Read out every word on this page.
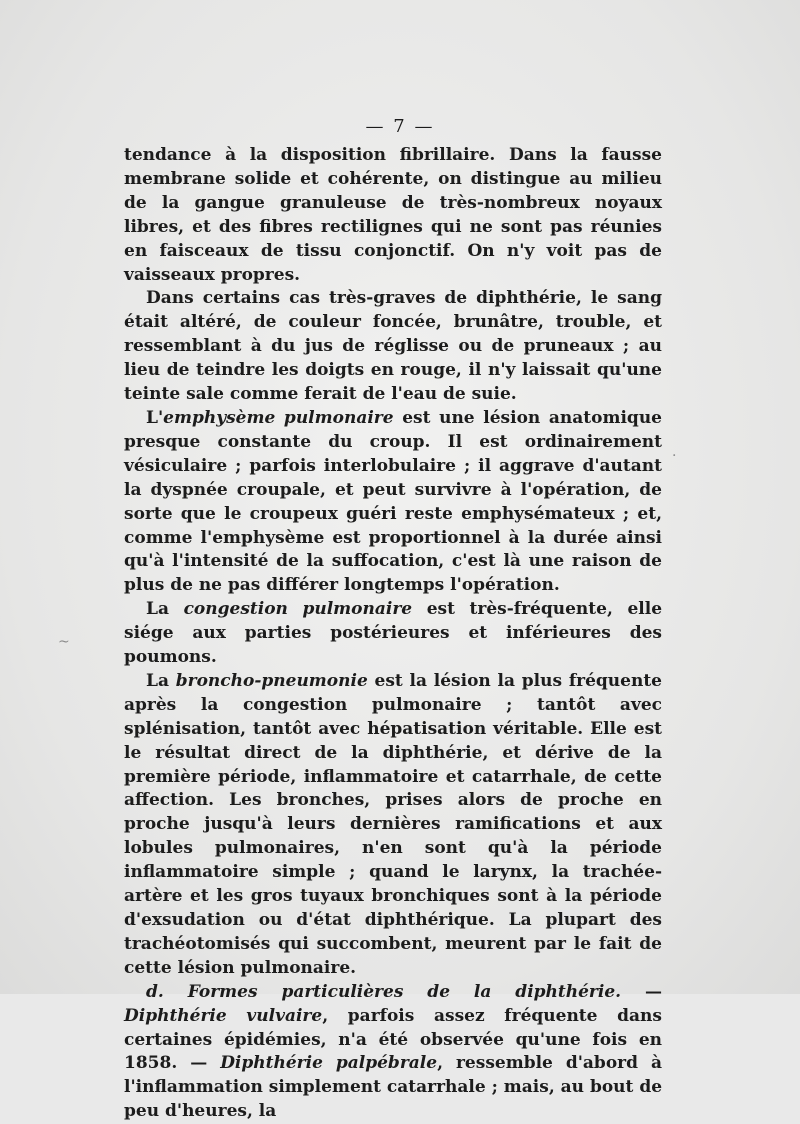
— 7 —

tendance à la disposition fibrillaire. Dans la fausse membrane solide et cohérente, on distingue au milieu de la gangue granuleuse de très-nombreux noyaux libres, et des fibres rectilignes qui ne sont pas réunies en faisceaux de tissu conjonctif. On n'y voit pas de vaisseaux propres.

Dans certains cas très-graves de diphthérie, le sang était altéré, de couleur foncée, brunâtre, trouble, et ressemblant à du jus de réglisse ou de pruneaux ; au lieu de teindre les doigts en rouge, il n'y laissait qu'une teinte sale comme ferait de l'eau de suie.

L'emphysème pulmonaire est une lésion anatomique presque constante du croup. Il est ordinairement vésiculaire ; parfois interlobulaire ; il aggrave d'autant la dyspnée croupale, et peut survivre à l'opération, de sorte que le croupeux guéri reste emphysémateux ; et, comme l'emphysème est proportionnel à la durée ainsi qu'à l'intensité de la suffocation, c'est là une raison de plus de ne pas différer longtemps l'opération.

La congestion pulmonaire est très-fréquente, elle siége aux parties postérieures et inférieures des poumons.

La broncho-pneumonie est la lésion la plus fréquente après la congestion pulmonaire ; tantôt avec splénisation, tantôt avec hépatisation véritable. Elle est le résultat direct de la diphthérie, et dérive de la première période, inflammatoire et catarrhale, de cette affection. Les bronches, prises alors de proche en proche jusqu'à leurs dernières ramifications et aux lobules pulmonaires, n'en sont qu'à la période inflammatoire simple ; quand le larynx, la trachée-artère et les gros tuyaux bronchiques sont à la période d'exsudation ou d'état diphthérique. La plupart des trachéotomisés qui succombent, meurent par le fait de cette lésion pulmonaire.

d. Formes particulières de la diphthérie. — Diphthérie vulvaire, parfois assez fréquente dans certaines épidémies, n'a été observée qu'une fois en 1858. — Diphthérie palpébrale, ressemble d'abord à l'inflammation simplement catarrhale ; mais, au bout de peu d'heures, la

~
·
